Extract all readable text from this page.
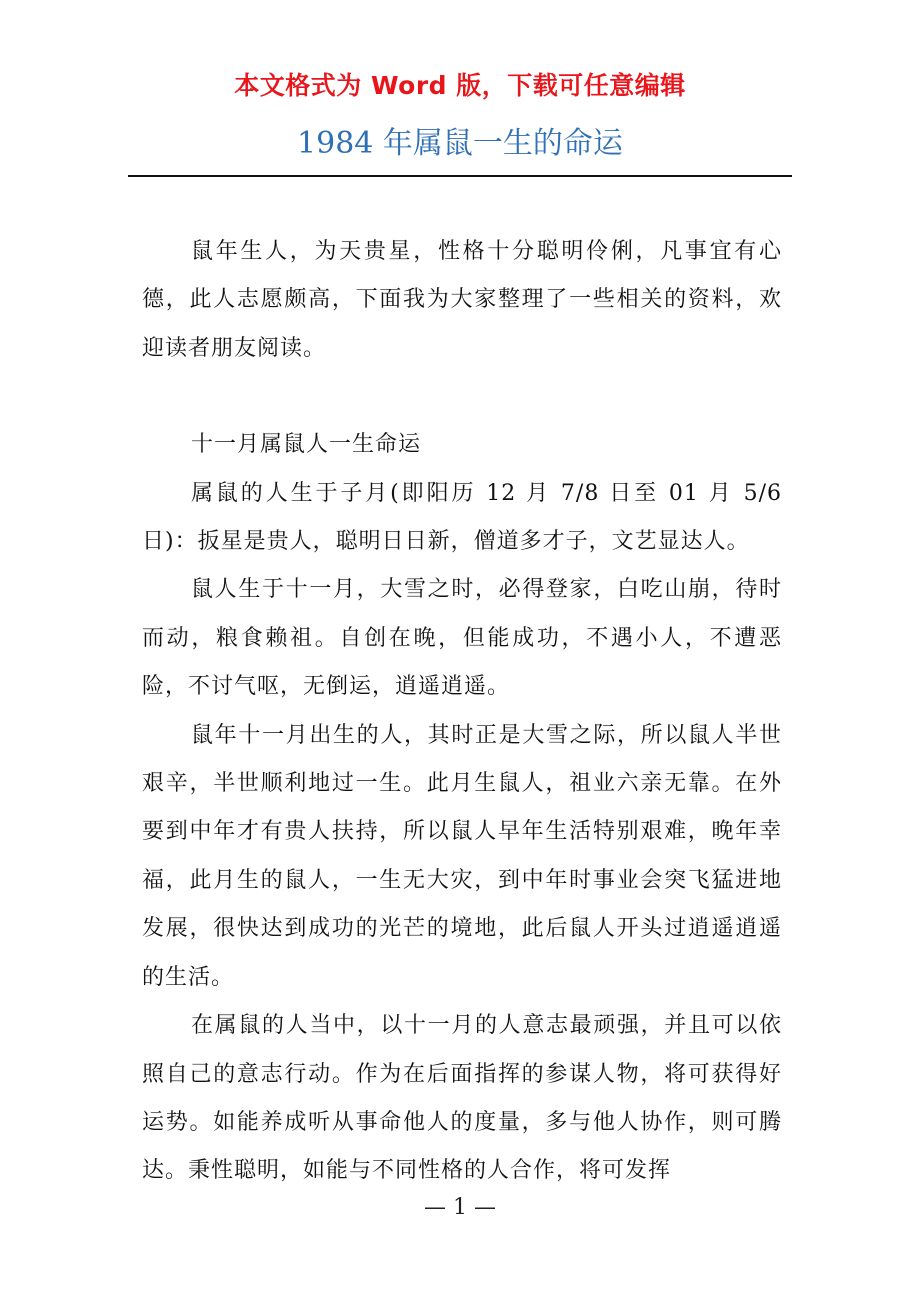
本文格式为 Word 版，下载可任意编辑
1984 年属鼠一生的命运

鼠年生人，为天贵星，性格十分聪明伶俐，凡事宜有心德，此人志愿颇高，下面我为大家整理了一些相关的资料，欢迎读者朋友阅读。

十一月属鼠人一生命运

属鼠的人生于子月(即阳历 12 月 7/8 日至 01 月 5/6 日)：扳星是贵人，聪明日日新，僧道多才子，文艺显达人。

鼠人生于十一月，大雪之时，必得登家，白吃山崩，待时而动，粮食赖祖。自创在晚，但能成功，不遇小人，不遭恶险，不讨气呕，无倒运，逍遥逍遥。

鼠年十一月出生的人，其时正是大雪之际，所以鼠人半世艰辛，半世顺利地过一生。此月生鼠人，祖业六亲无靠。在外要到中年才有贵人扶持，所以鼠人早年生活特别艰难，晚年幸福，此月生的鼠人，一生无大灾，到中年时事业会突飞猛进地发展，很快达到成功的光芒的境地，此后鼠人开头过逍遥逍遥的生活。

在属鼠的人当中，以十一月的人意志最顽强，并且可以依照自己的意志行动。作为在后面指挥的参谋人物，将可获得好运势。如能养成听从事命他人的度量，多与他人协作，则可腾达。秉性聪明，如能与不同性格的人合作，将可发挥

— 1 —
